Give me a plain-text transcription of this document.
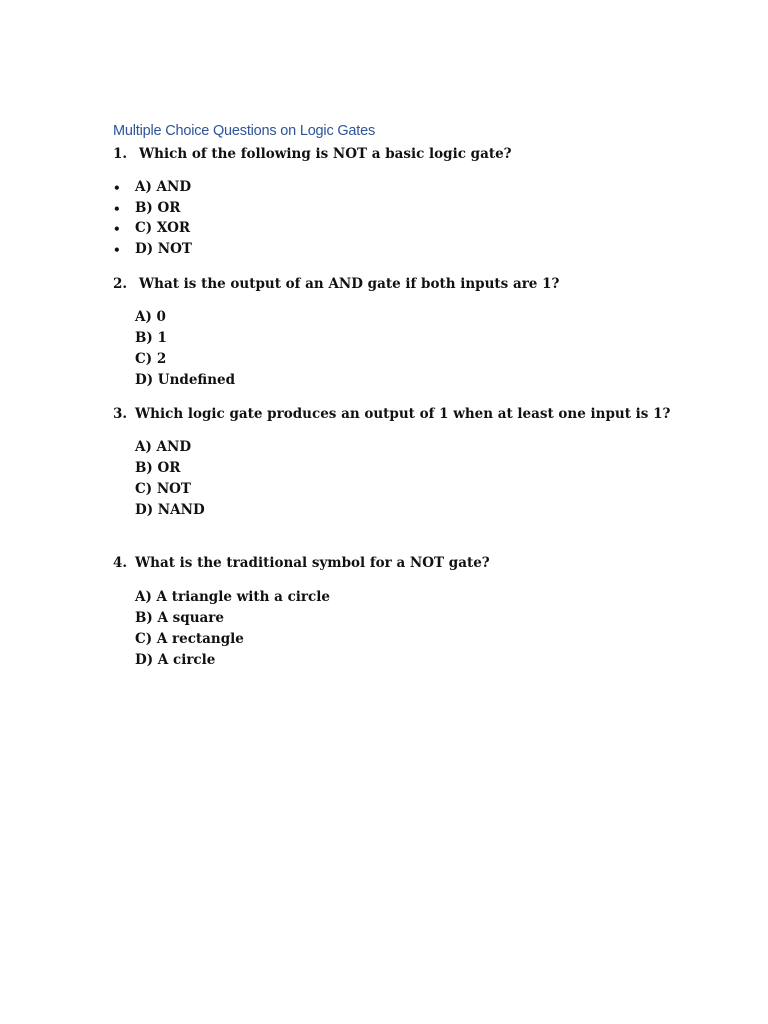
Multiple Choice Questions on Logic Gates
1. Which of the following is NOT a basic logic gate?
• A) AND
• B) OR
• C) XOR
• D) NOT
2. What is the output of an AND gate if both inputs are 1?
A) 0
B) 1
C) 2
D) Undefined
3. Which logic gate produces an output of 1 when at least one input is 1?
A) AND
B) OR
C) NOT
D) NAND
4. What is the traditional symbol for a NOT gate?
A) A triangle with a circle
B) A square
C) A rectangle
D) A circle
